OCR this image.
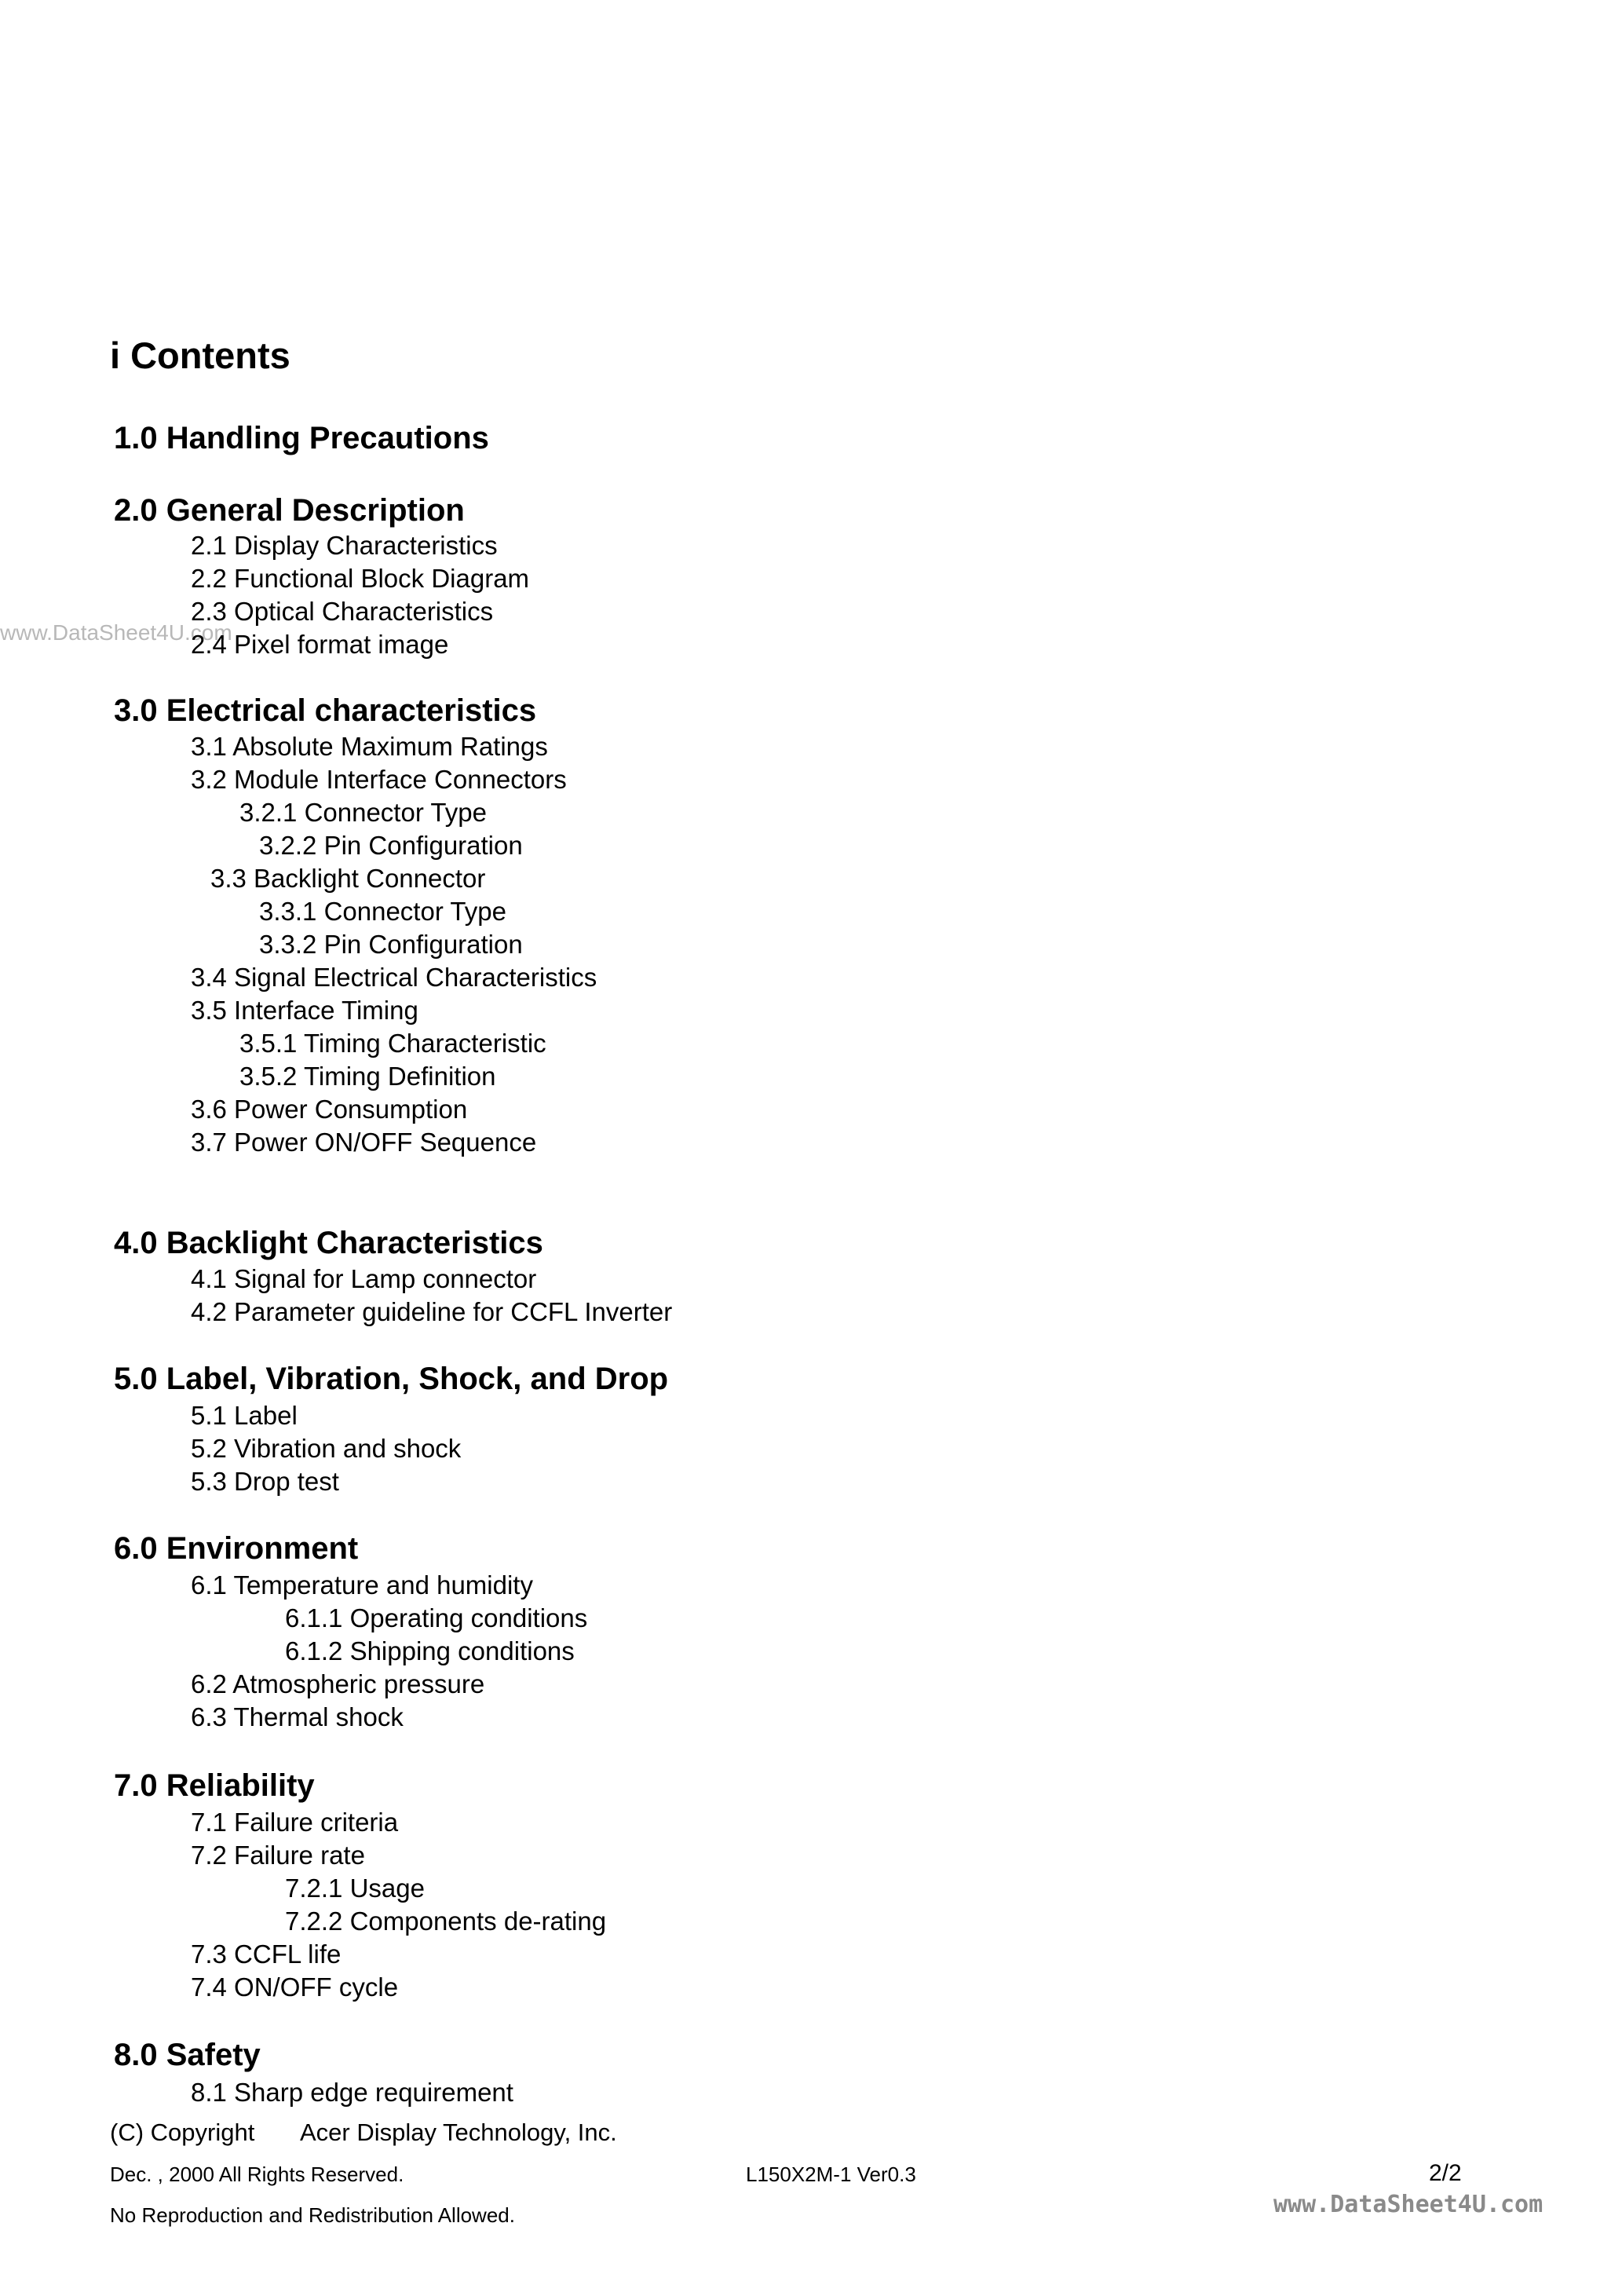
i Contents
www.DataSheet4U.com
1.0 Handling Precautions
2.0 General Description
2.1 Display Characteristics
2.2 Functional Block Diagram
2.3 Optical Characteristics
2.4 Pixel format image
3.0 Electrical characteristics
3.1 Absolute Maximum Ratings
3.2 Module Interface Connectors
3.2.1 Connector Type
3.2.2 Pin Configuration
3.3 Backlight Connector
3.3.1 Connector Type
3.3.2 Pin Configuration
3.4 Signal Electrical Characteristics
3.5 Interface Timing
3.5.1 Timing Characteristic
3.5.2 Timing Definition
3.6 Power Consumption
3.7 Power ON/OFF Sequence
4.0 Backlight Characteristics
4.1 Signal for Lamp connector
4.2 Parameter guideline for CCFL Inverter
5.0 Label, Vibration, Shock, and Drop
5.1 Label
5.2 Vibration and shock
5.3 Drop test
6.0 Environment
6.1 Temperature and humidity
6.1.1 Operating conditions
6.1.2 Shipping conditions
6.2 Atmospheric pressure
6.3 Thermal shock
7.0 Reliability
7.1 Failure criteria
7.2 Failure rate
7.2.1 Usage
7.2.2 Components de-rating
7.3 CCFL life
7.4 ON/OFF cycle
8.0 Safety
8.1 Sharp edge requirement
(C) Copyright Acer Display Technology, Inc.
Dec. , 2000 All Rights Reserved.	L150X2M-1 Ver0.3	2/2
No Reproduction and Redistribution Allowed.	www.DataSheet4U.com
